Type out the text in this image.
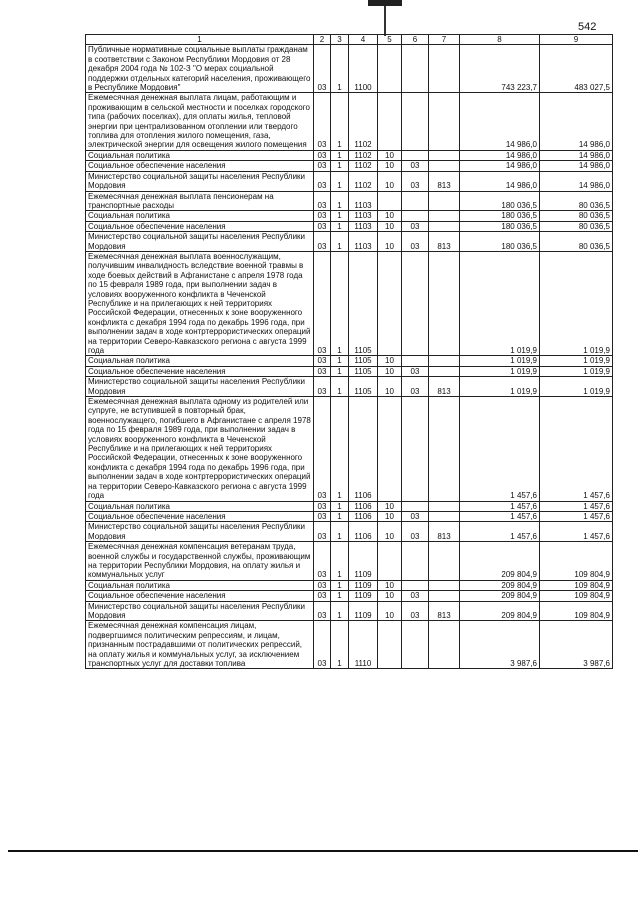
542
1	2	3	4	5	6	7	8	9
Публичные нормативные социальные выплаты гражданам в соответствии с Законом Республики Мордовия от 28 декабря 2004 года № 102-З "О мерах социальной поддержки отдельных категорий населения, проживающего в Республике Мордовия"	03	1	1100				743 223,7	483 027,5
Ежемесячная денежная выплата лицам, работающим и проживающим в сельской местности и поселках городского типа (рабочих поселках), для оплаты жилья, тепловой энергии при централизованном отоплении или твердого топлива для отопления жилого помещения, газа, электрической энергии для освещения жилого помещения	03	1	1102				14 986,0	14 986,0
Социальная политика	03	1	1102	10			14 986,0	14 986,0
Социальное обеспечение населения	03	1	1102	10	03		14 986,0	14 986,0
Министерство социальной защиты населения Республики Мордовия	03	1	1102	10	03	813	14 986,0	14 986,0
Ежемесячная денежная выплата пенсионерам на транспортные расходы	03	1	1103				180 036,5	80 036,5
Социальная политика	03	1	1103	10			180 036,5	80 036,5
Социальное обеспечение населения	03	1	1103	10	03		180 036,5	80 036,5
Министерство социальной защиты населения Республики Мордовия	03	1	1103	10	03	813	180 036,5	80 036,5
Ежемесячная денежная выплата военнослужащим, получившим инвалидность вследствие военной травмы в ходе боевых действий в Афганистане с апреля 1978 года по 15 февраля 1989 года, при выполнении задач в условиях вооруженного конфликта в Чеченской Республике и на прилегающих к ней территориях Российской Федерации, отнесенных к зоне вооруженного конфликта с декабря 1994 года по декабрь 1996 года, при выполнении задач в ходе контртеррористических операций на территории Северо-Кавказского региона с августа 1999 года	03	1	1105				1 019,9	1 019,9
Социальная политика	03	1	1105	10			1 019,9	1 019,9
Социальное обеспечение населения	03	1	1105	10	03		1 019,9	1 019,9
Министерство социальной защиты населения Республики Мордовия	03	1	1105	10	03	813	1 019,9	1 019,9
Ежемесячная денежная выплата одному из родителей или супруге, не вступившей в повторный брак, военнослужащего, погибшего в Афганистане с апреля 1978 года по 15 февраля 1989 года, при выполнении задач в условиях вооруженного конфликта в Чеченской Республике и на прилегающих к ней территориях Российской Федерации, отнесенных к зоне вооруженного конфликта с декабря 1994 года по декабрь 1996 года, при выполнении задач в ходе контртеррористических операций на территории Северо-Кавказского региона с августа 1999 года	03	1	1106				1 457,6	1 457,6
Социальная политика	03	1	1106	10			1 457,6	1 457,6
Социальное обеспечение населения	03	1	1106	10	03		1 457,6	1 457,6
Министерство социальной защиты населения Республики Мордовия	03	1	1106	10	03	813	1 457,6	1 457,6
Ежемесячная денежная компенсация ветеранам труда, военной службы и государственной службы, проживающим на территории Республики Мордовия, на оплату жилья и коммунальных услуг	03	1	1109				209 804,9	109 804,9
Социальная политика	03	1	1109	10			209 804,9	109 804,9
Социальное обеспечение населения	03	1	1109	10	03		209 804,9	109 804,9
Министерство социальной защиты населения Республики Мордовия	03	1	1109	10	03	813	209 804,9	109 804,9
Ежемесячная денежная компенсация лицам, подвергшимся политическим репрессиям, и лицам, признанным пострадавшими от политических репрессий, на оплату жилья и коммунальных услуг, за исключением транспортных услуг для доставки топлива	03	1	1110				3 987,6	3 987,6
